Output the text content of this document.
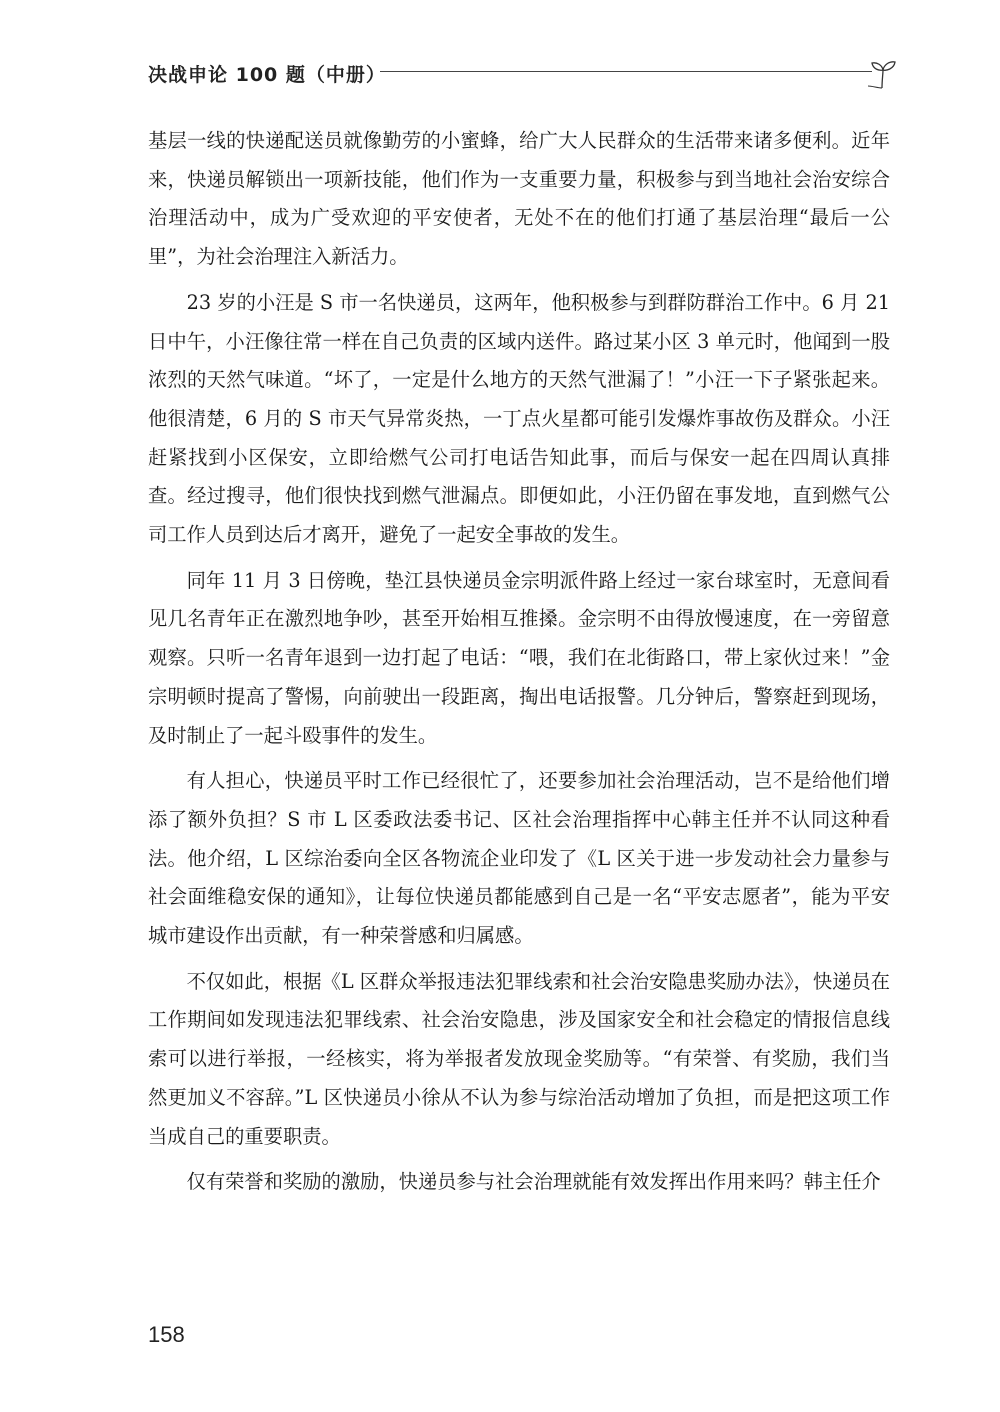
决战申论 100 题（中册）

基层一线的快递配送员就像勤劳的小蜜蜂，给广大人民群众的生活带来诸多便利。近年来，快递员解锁出一项新技能，他们作为一支重要力量，积极参与到当地社会治安综合治理活动中，成为广受欢迎的平安使者，无处不在的他们打通了基层治理“最后一公里”，为社会治理注入新活力。

23 岁的小汪是 S 市一名快递员，这两年，他积极参与到群防群治工作中。6 月 21 日中午，小汪像往常一样在自己负责的区域内送件。路过某小区 3 单元时，他闻到一股浓烈的天然气味道。“坏了，一定是什么地方的天然气泄漏了！”小汪一下子紧张起来。他很清楚，6 月的 S 市天气异常炎热，一丁点火星都可能引发爆炸事故伤及群众。小汪赶紧找到小区保安，立即给燃气公司打电话告知此事，而后与保安一起在四周认真排查。经过搜寻，他们很快找到燃气泄漏点。即便如此，小汪仍留在事发地，直到燃气公司工作人员到达后才离开，避免了一起安全事故的发生。

同年 11 月 3 日傍晚，垫江县快递员金宗明派件路上经过一家台球室时，无意间看见几名青年正在激烈地争吵，甚至开始相互推搡。金宗明不由得放慢速度，在一旁留意观察。只听一名青年退到一边打起了电话：“喂，我们在北街路口，带上家伙过来！”金宗明顿时提高了警惕，向前驶出一段距离，掏出电话报警。几分钟后，警察赶到现场，及时制止了一起斗殴事件的发生。

有人担心，快递员平时工作已经很忙了，还要参加社会治理活动，岂不是给他们增添了额外负担？S 市 L 区委政法委书记、区社会治理指挥中心韩主任并不认同这种看法。他介绍，L 区综治委向全区各物流企业印发了《L 区关于进一步发动社会力量参与社会面维稳安保的通知》，让每位快递员都能感到自己是一名“平安志愿者”，能为平安城市建设作出贡献，有一种荣誉感和归属感。

不仅如此，根据《L 区群众举报违法犯罪线索和社会治安隐患奖励办法》，快递员在工作期间如发现违法犯罪线索、社会治安隐患，涉及国家安全和社会稳定的情报信息线索可以进行举报，一经核实，将为举报者发放现金奖励等。“有荣誉、有奖励，我们当然更加义不容辞。”L 区快递员小徐从不认为参与综治活动增加了负担，而是把这项工作当成自己的重要职责。

仅有荣誉和奖励的激励，快递员参与社会治理就能有效发挥出作用来吗？韩主任介

158
